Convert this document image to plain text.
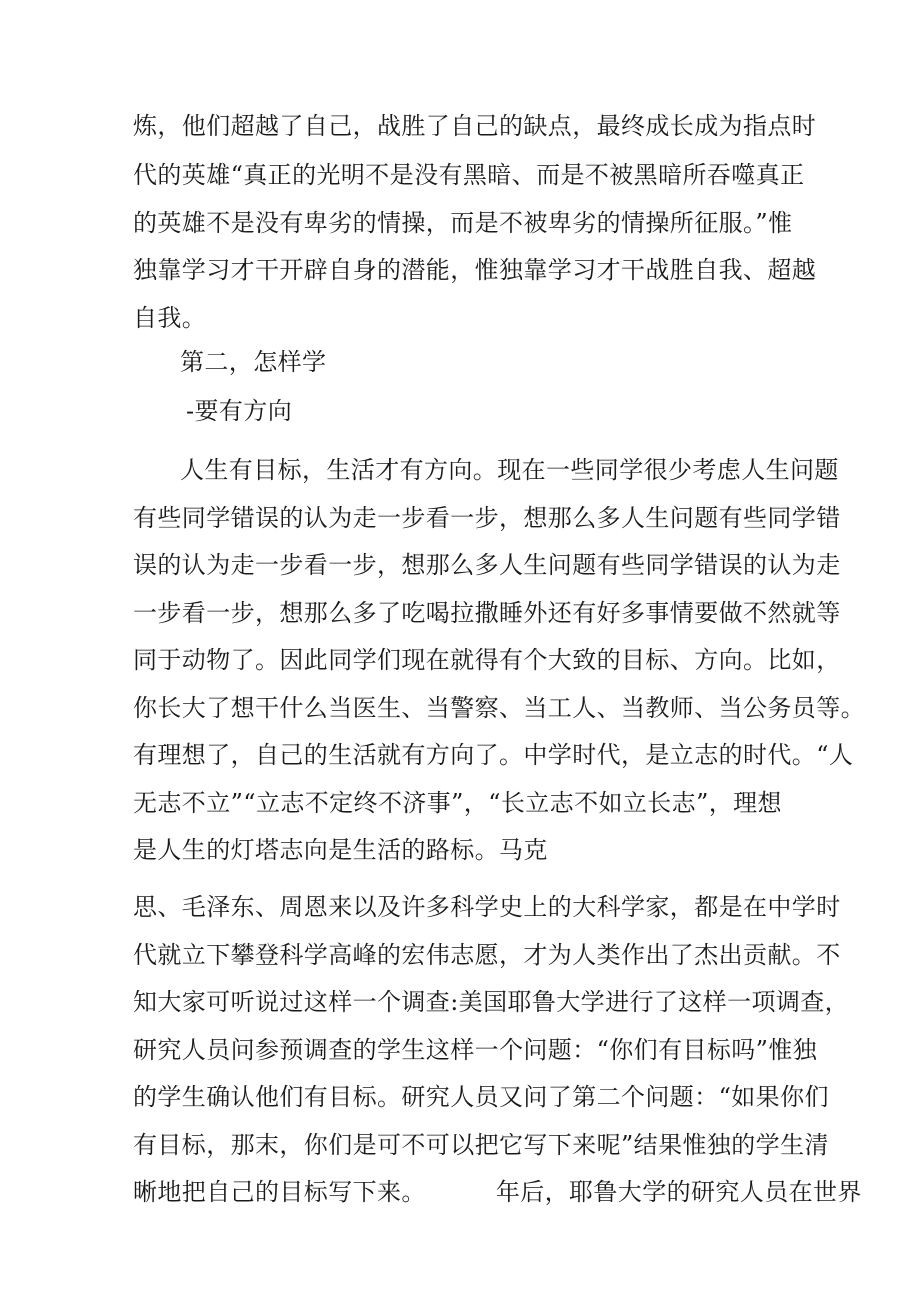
炼，他们超越了自己，战胜了自己的缺点，最终成长成为指点时
代的英雄“真正的光明不是没有黑暗、而是不被黑暗所吞噬真正
的英雄不是没有卑劣的情操，而是不被卑劣的情操所征服。”惟
独靠学习才干开辟自身的潜能，惟独靠学习才干战胜自我、超越
自我。
第二，怎样学
-要有方向
人生有目标，生活才有方向。现在一些同学很少考虑人生问题
有些同学错误的认为走一步看一步，想那么多人生问题有些同学错
误的认为走一步看一步，想那么多人生问题有些同学错误的认为走
一步看一步，想那么多了吃喝拉撒睡外还有好多事情要做不然就等
同于动物了。因此同学们现在就得有个大致的目标、方向。比如，
你长大了想干什么当医生、当警察、当工人、当教师、当公务员等。
有理想了，自己的生活就有方向了。中学时代，是立志的时代。“人
无志不立”“立志不定终不济事”，“长立志不如立长志”，理想
是人生的灯塔志向是生活的路标。马克
思、毛泽东、周恩来以及许多科学史上的大科学家，都是在中学时
代就立下攀登科学高峰的宏伟志愿，才为人类作出了杰出贡献。不
知大家可听说过这样一个调查:美国耶鲁大学进行了这样一项调查，
研究人员问参预调查的学生这样一个问题：“你们有目标吗”惟独
的学生确认他们有目标。研究人员又问了第二个问题：“如果你们
有目标，那末，你们是可不可以把它写下来呢”结果惟独的学生清
晰地把自己的目标写下来。	年后，耶鲁大学的研究人员在世界
